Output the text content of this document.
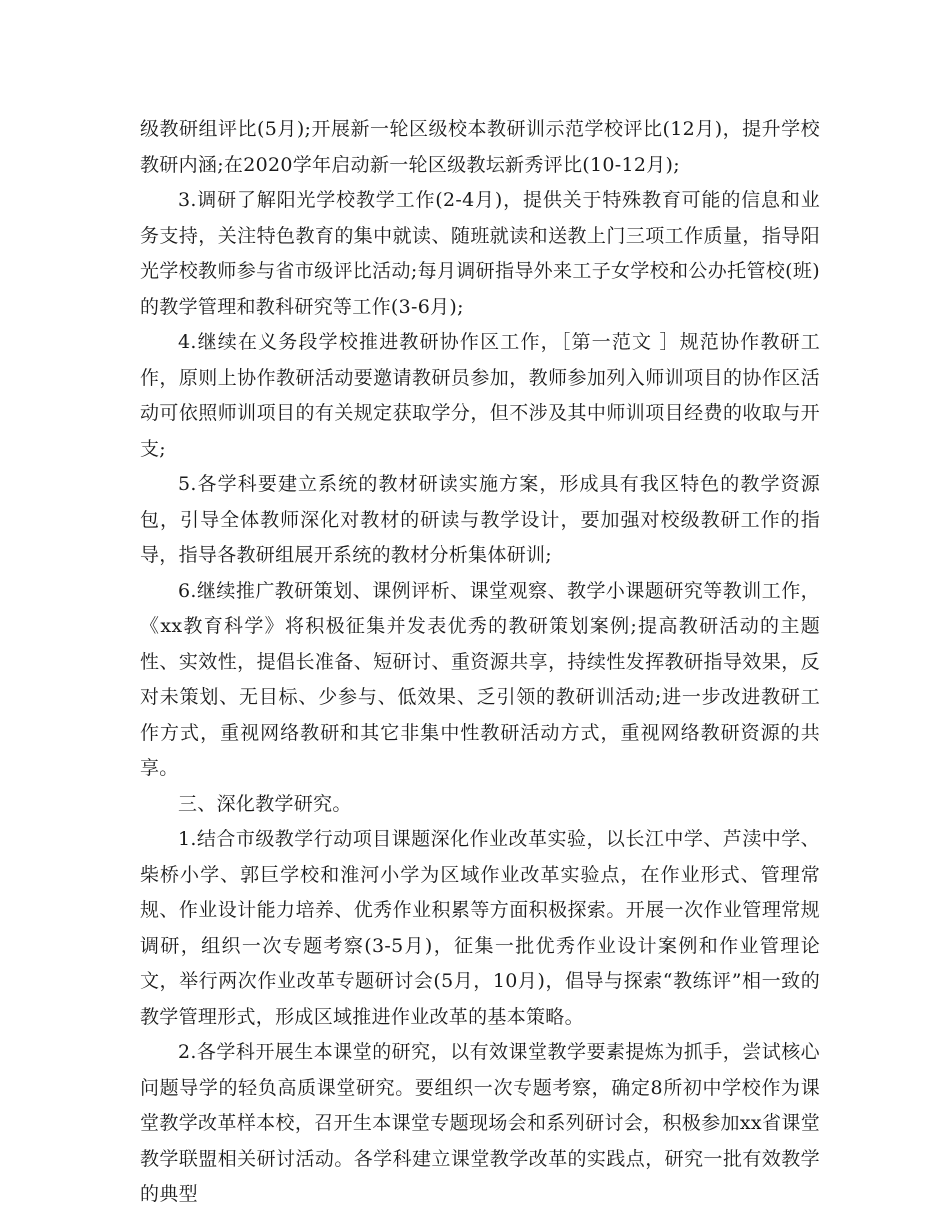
级教研组评比(5月);开展新一轮区级校本教研训示范学校评比(12月)，提升学校教研内涵;在2020学年启动新一轮区级教坛新秀评比(10-12月);

3.调研了解阳光学校教学工作(2-4月)，提供关于特殊教育可能的信息和业务支持，关注特色教育的集中就读、随班就读和送教上门三项工作质量，指导阳光学校教师参与省市级评比活动;每月调研指导外来工子女学校和公办托管校(班)的教学管理和教科研究等工作(3-6月);

4.继续在义务段学校推进教研协作区工作，［第一范文 ］规范协作教研工作，原则上协作教研活动要邀请教研员参加，教师参加列入师训项目的协作区活动可依照师训项目的有关规定获取学分，但不涉及其中师训项目经费的收取与开支;

5.各学科要建立系统的教材研读实施方案，形成具有我区特色的教学资源包，引导全体教师深化对教材的研读与教学设计，要加强对校级教研工作的指导，指导各教研组展开系统的教材分析集体研训;

6.继续推广教研策划、课例评析、课堂观察、教学小课题研究等教训工作，《xx教育科学》将积极征集并发表优秀的教研策划案例;提高教研活动的主题性、实效性，提倡长准备、短研讨、重资源共享，持续性发挥教研指导效果，反对未策划、无目标、少参与、低效果、乏引领的教研训活动;进一步改进教研工作方式，重视网络教研和其它非集中性教研活动方式，重视网络教研资源的共享。

三、深化教学研究。

1.结合市级教学行动项目课题深化作业改革实验，以长江中学、芦渎中学、柴桥小学、郭巨学校和淮河小学为区域作业改革实验点，在作业形式、管理常规、作业设计能力培养、优秀作业积累等方面积极探索。开展一次作业管理常规调研，组织一次专题考察(3-5月)，征集一批优秀作业设计案例和作业管理论文，举行两次作业改革专题研讨会(5月，10月)，倡导与探索“教练评”相一致的教学管理形式，形成区域推进作业改革的基本策略。

2.各学科开展生本课堂的研究，以有效课堂教学要素提炼为抓手，尝试核心问题导学的轻负高质课堂研究。要组织一次专题考察，确定8所初中学校作为课堂教学改革样本校，召开生本课堂专题现场会和系列研讨会，积极参加xx省课堂教学联盟相关研讨活动。各学科建立课堂教学改革的实践点，研究一批有效教学的典型
